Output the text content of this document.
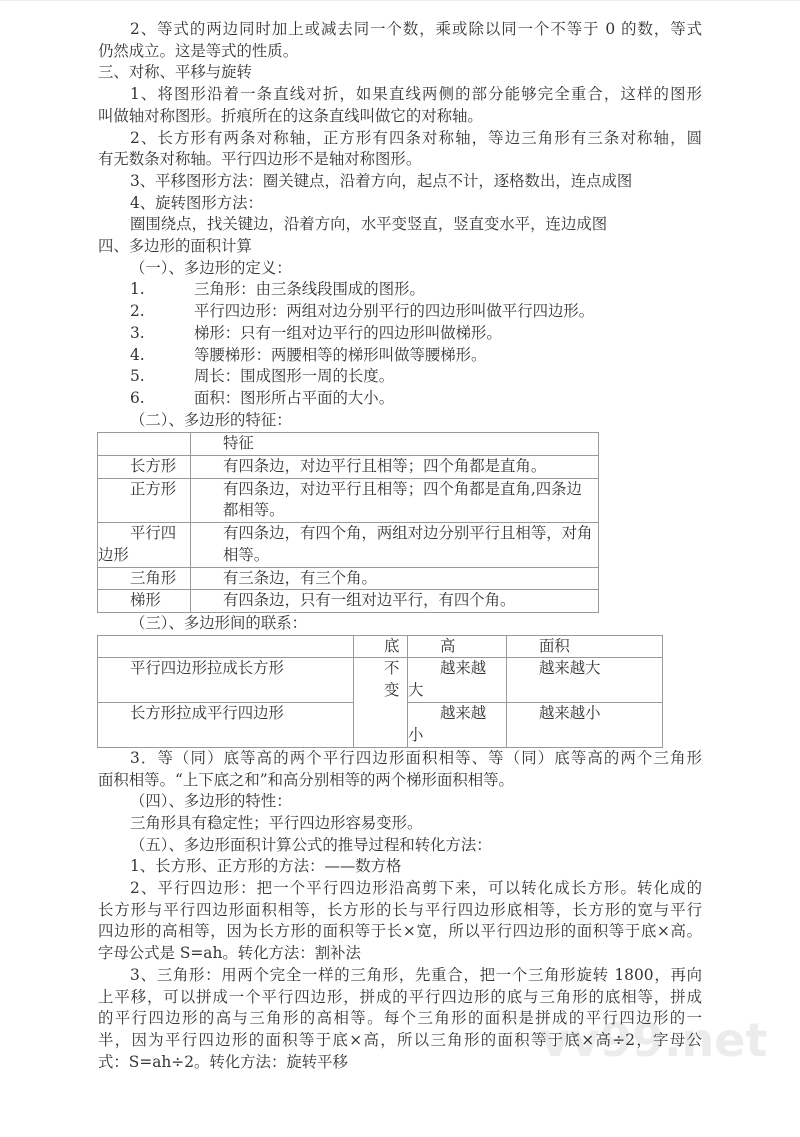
vv99.net
2、等式的两边同时加上或减去同一个数，乘或除以同一个不等于 0 的数，等式
仍然成立。这是等式的性质。
三、对称、平移与旋转
1、将图形沿着一条直线对折，如果直线两侧的部分能够完全重合，这样的图形
叫做轴对称图形。折痕所在的这条直线叫做它的对称轴。
2、长方形有两条对称轴，正方形有四条对称轴，等边三角形有三条对称轴，圆
有无数条对称轴。平行四边形不是轴对称图形。
3、平移图形方法：圈关键点，沿着方向，起点不计，逐格数出，连点成图
4、旋转图形方法：
圈围绕点，找关键边，沿着方向，水平变竖直，竖直变水平，连边成图
四、多边形的面积计算
（一）、多边形的定义：
1.	三角形：由三条线段围成的图形。
2.	平行四边形：两组对边分别平行的四边形叫做平行四边形。
3.	梯形：只有一组对边平行的四边形叫做梯形。
4.	等腰梯形：两腰相等的梯形叫做等腰梯形。
5.	周长：围成图形一周的长度。
6.	面积：图形所占平面的大小。
（二）、多边形的特征：
	特征
长方形	有四条边，对边平行且相等；四个角都是直角。
正方形	有四条边，对边平行且相等；四个角都是直角,四条边都相等。
平行四边形	有四条边，有四个角，两组对边分别平行且相等，对角相等。
三角形	有三条边，有三个角。
梯形	有四条边，只有一组对边平行，有四个角。
（三）、多边形间的联系：
	底	高	面积
平行四边形拉成长方形	不变	越来越大	越来越大
长方形拉成平行四边形		越来越小	越来越小
3．等（同）底等高的两个平行四边形面积相等、等（同）底等高的两个三角形
面积相等。“上下底之和”和高分别相等的两个梯形面积相等。
（四）、多边形的特性：
三角形具有稳定性；平行四边形容易变形。
（五）、多边形面积计算公式的推导过程和转化方法：
1、长方形、正方形的方法：——数方格
2、平行四边形：把一个平行四边形沿高剪下来，可以转化成长方形。转化成的
长方形与平行四边形面积相等，长方形的长与平行四边形底相等，长方形的宽与平行
四边形的高相等，因为长方形的面积等于长×宽，所以平行四边形的面积等于底×高。
字母公式是 S=ah。转化方法：割补法
3、三角形：用两个完全一样的三角形，先重合，把一个三角形旋转 1800，再向
上平移，可以拼成一个平行四边形，拼成的平行四边形的底与三角形的底相等，拼成
的平行四边形的高与三角形的高相等。每个三角形的面积是拼成的平行四边形的一
半，因为平行四边形的面积等于底×高，所以三角形的面积等于底×高÷2，字母公
式：S=ah÷2。转化方法：旋转平移
